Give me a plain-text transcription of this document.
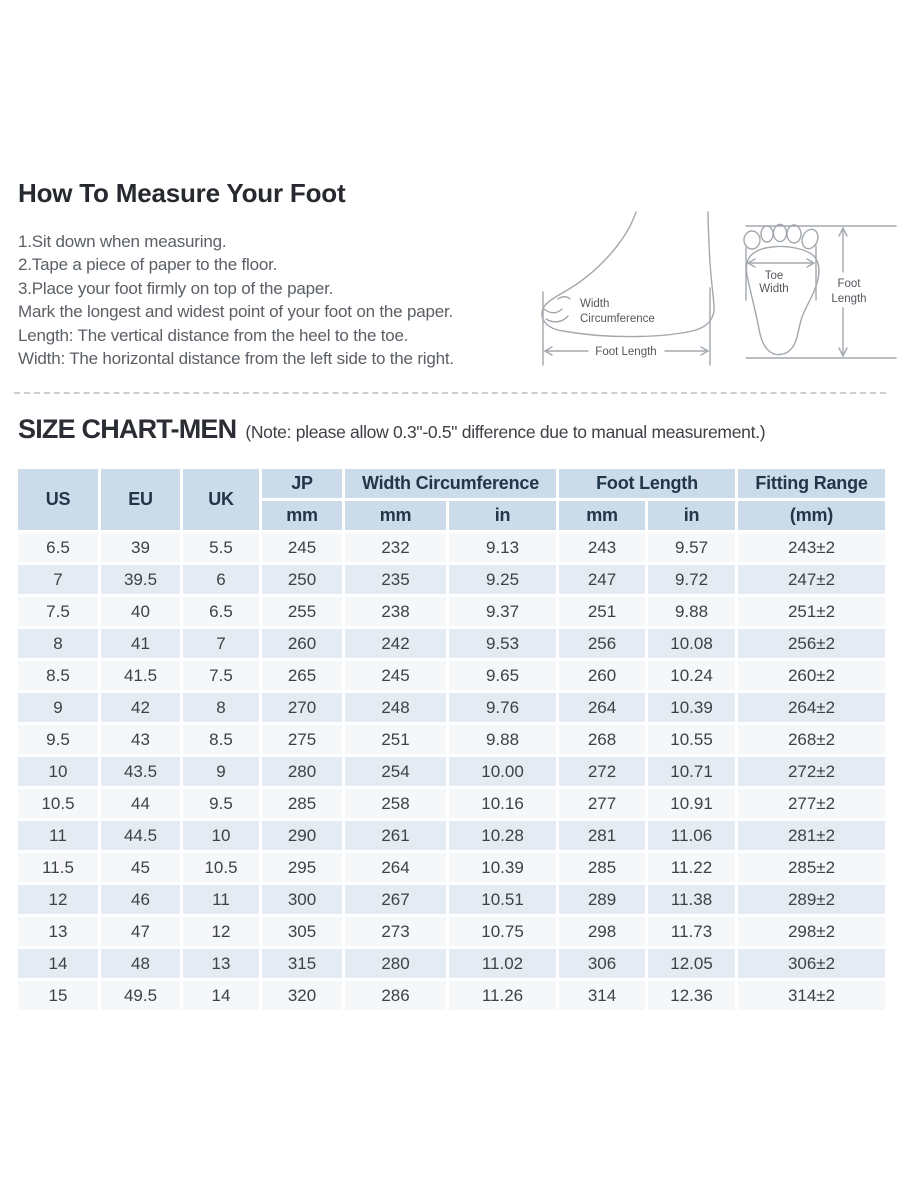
How To Measure Your Foot
1.Sit down when measuring.
2.Tape a piece of paper to the floor.
3.Place your foot firmly on top of the paper.
Mark the longest and widest point of your foot on the paper.
Length: The vertical distance from the heel to the toe.
Width: The horizontal distance from the left side to the right.
Width
Circumference
Foot Length
Toe
Width	Foot
Length
SIZE CHART-MEN (Note: please allow 0.3"-0.5" difference due to manual measurement.)
US	EU	UK	JP	Width Circumference		Foot Length		Fitting Range
			mm	mm	in	mm	in	(mm)
6.5	39	5.5	245	232	9.13	243	9.57	243±2
7	39.5	6	250	235	9.25	247	9.72	247±2
7.5	40	6.5	255	238	9.37	251	9.88	251±2
8	41	7	260	242	9.53	256	10.08	256±2
8.5	41.5	7.5	265	245	9.65	260	10.24	260±2
9	42	8	270	248	9.76	264	10.39	264±2
9.5	43	8.5	275	251	9.88	268	10.55	268±2
10	43.5	9	280	254	10.00	272	10.71	272±2
10.5	44	9.5	285	258	10.16	277	10.91	277±2
11	44.5	10	290	261	10.28	281	11.06	281±2
11.5	45	10.5	295	264	10.39	285	11.22	285±2
12	46	11	300	267	10.51	289	11.38	289±2
13	47	12	305	273	10.75	298	11.73	298±2
14	48	13	315	280	11.02	306	12.05	306±2
15	49.5	14	320	286	11.26	314	12.36	314±2
